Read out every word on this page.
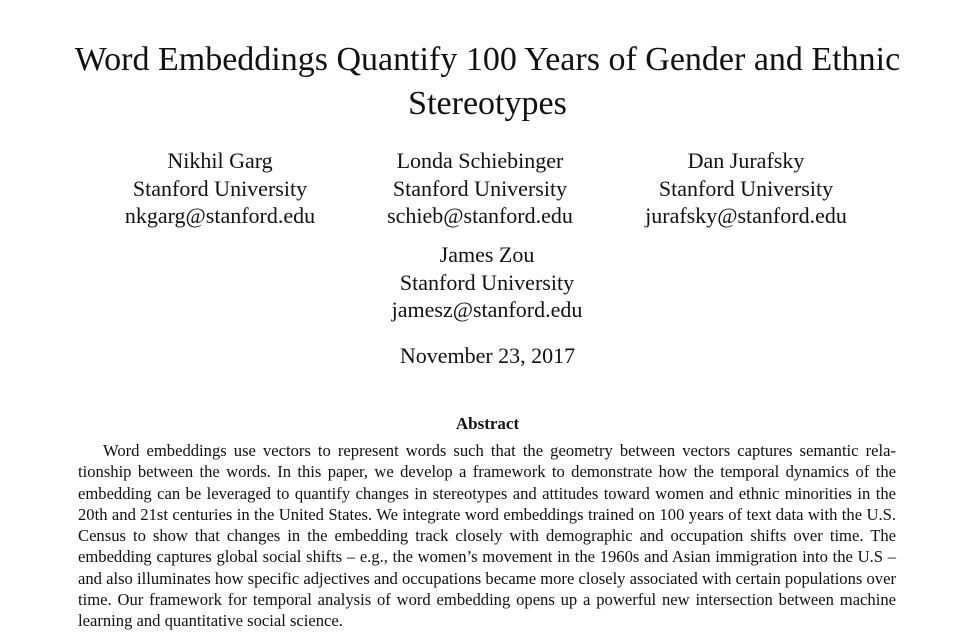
Word Embeddings Quantify 100 Years of Gender and Ethnic Stereotypes
Nikhil Garg
Stanford University
nkgarg@stanford.edu
Londa Schiebinger
Stanford University
schieb@stanford.edu
Dan Jurafsky
Stanford University
jurafsky@stanford.edu
James Zou
Stanford University
jamesz@stanford.edu
November 23, 2017
Abstract

Word embeddings use vectors to represent words such that the geometry between vectors captures semantic relationship between the words. In this paper, we develop a framework to demonstrate how the temporal dynamics of the embedding can be leveraged to quantify changes in stereotypes and attitudes toward women and ethnic minorities in the 20th and 21st centuries in the United States. We integrate word embeddings trained on 100 years of text data with the U.S. Census to show that changes in the embedding track closely with demographic and occupation shifts over time. The embedding captures global social shifts – e.g., the women’s movement in the 1960s and Asian immigration into the U.S – and also illuminates how specific adjectives and occupations became more closely associated with certain populations over time. Our framework for temporal analysis of word embedding opens up a powerful new intersection between machine learning and quantitative social science.
